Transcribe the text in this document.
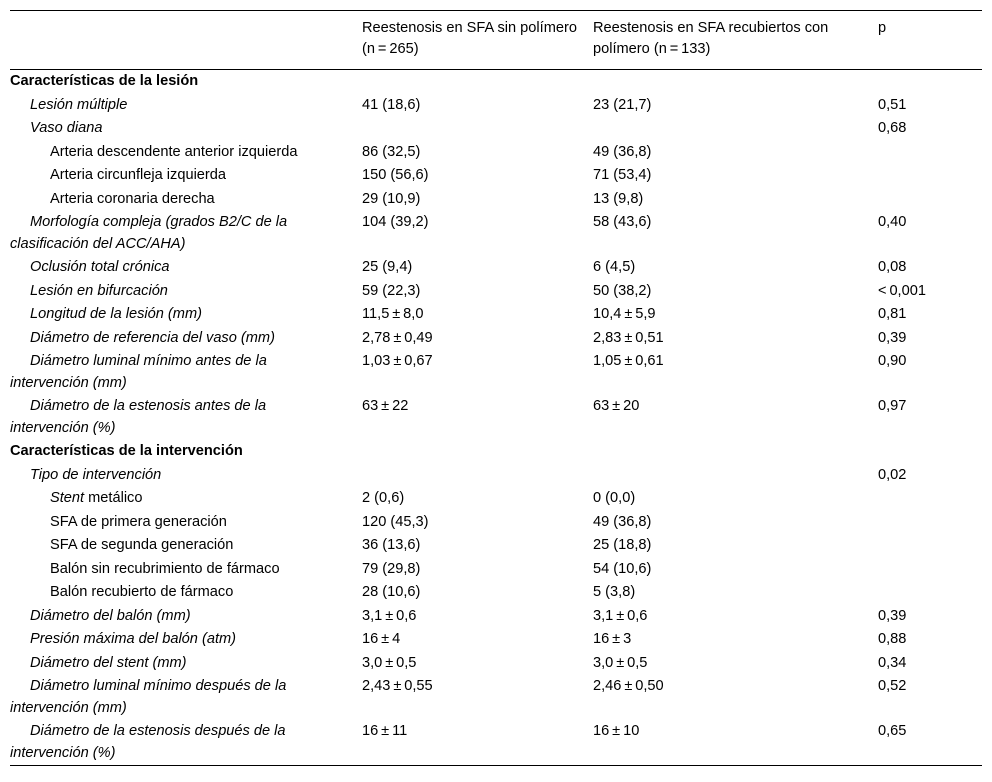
	Reestenosis en SFA sin polímero (n = 265)	Reestenosis en SFA recubiertos con polímero (n = 133)	p
Características de la lesión			
Lesión múltiple	41 (18,6)	23 (21,7)	0,51
Vaso diana			0,68
Arteria descendente anterior izquierda	86 (32,5)	49 (36,8)	
Arteria circunfleja izquierda	150 (56,6)	71 (53,4)	
Arteria coronaria derecha	29 (10,9)	13 (9,8)	
Morfología compleja (grados B2/C de la clasificación del ACC/AHA)	104 (39,2)	58 (43,6)	0,40
Oclusión total crónica	25 (9,4)	6 (4,5)	0,08
Lesión en bifurcación	59 (22,3)	50 (38,2)	< 0,001
Longitud de la lesión (mm)	11,5 ± 8,0	10,4 ± 5,9	0,81
Diámetro de referencia del vaso (mm)	2,78 ± 0,49	2,83 ± 0,51	0,39
Diámetro luminal mínimo antes de la intervención (mm)	1,03 ± 0,67	1,05 ± 0,61	0,90
Diámetro de la estenosis antes de la intervención (%)	63 ± 22	63 ± 20	0,97
Características de la intervención			
Tipo de intervención			0,02
Stent metálico	2 (0,6)	0 (0,0)	
SFA de primera generación	120 (45,3)	49 (36,8)	
SFA de segunda generación	36 (13,6)	25 (18,8)	
Balón sin recubrimiento de fármaco	79 (29,8)	54 (10,6)	
Balón recubierto de fármaco	28 (10,6)	5 (3,8)	
Diámetro del balón (mm)	3,1 ± 0,6	3,1 ± 0,6	0,39
Presión máxima del balón (atm)	16 ± 4	16 ± 3	0,88
Diámetro del stent (mm)	3,0 ± 0,5	3,0 ± 0,5	0,34
Diámetro luminal mínimo después de la intervención (mm)	2,43 ± 0,55	2,46 ± 0,50	0,52
Diámetro de la estenosis después de la intervención (%)	16 ± 11	16 ± 10	0,65
